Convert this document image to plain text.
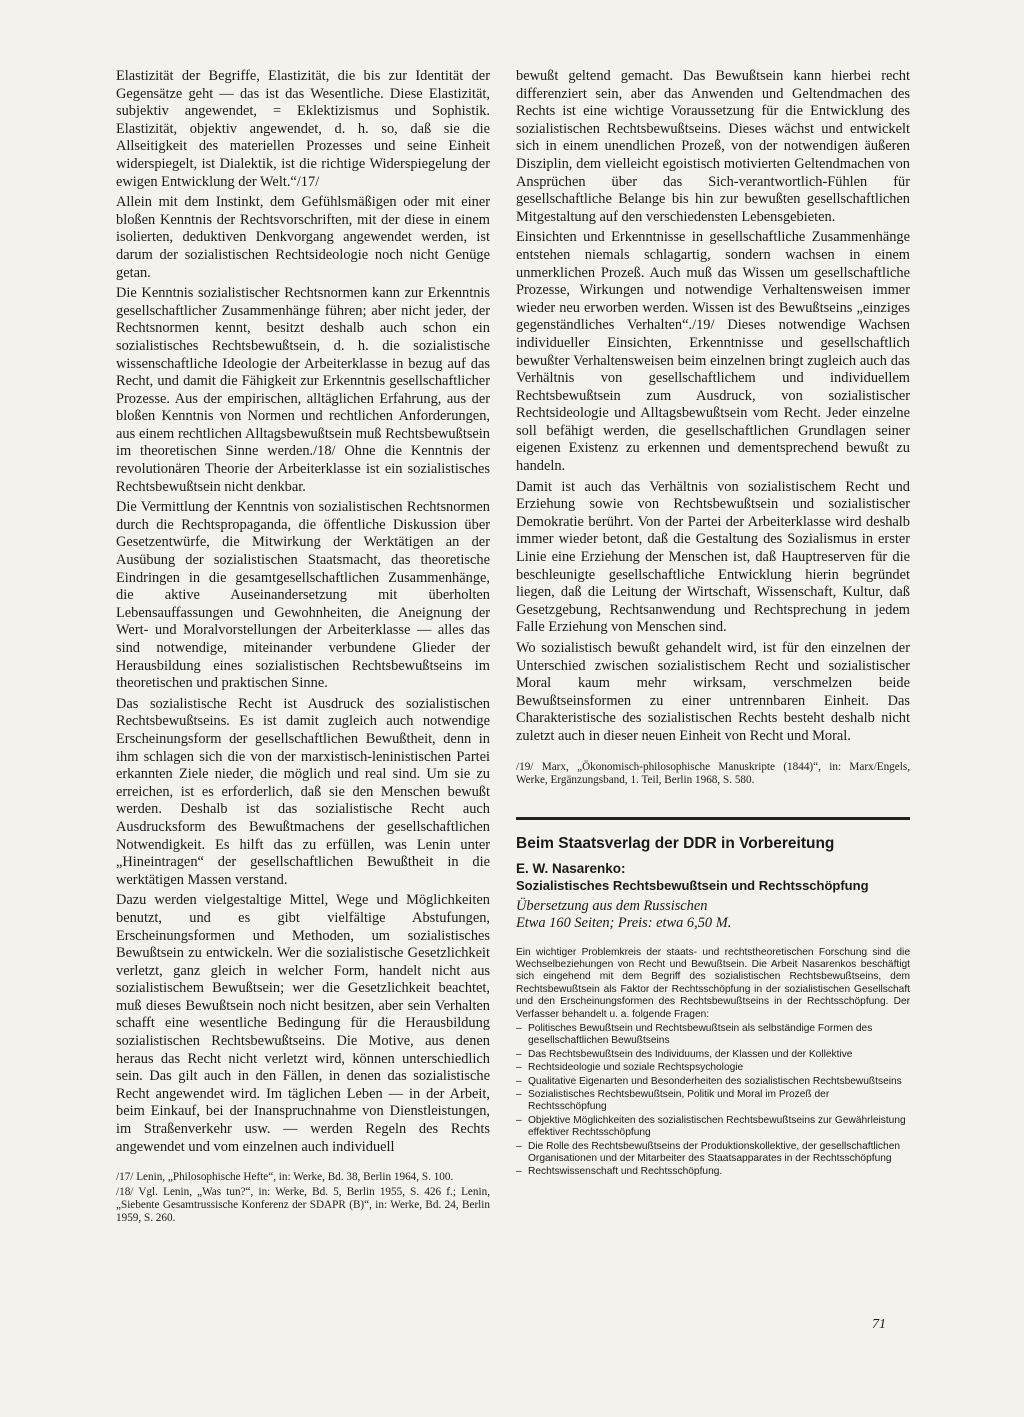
Elastizität der Begriffe, Elastizität, die bis zur Identität der Gegensätze geht — das ist das Wesentliche. Diese Elastizität, subjektiv angewendet, = Eklektizismus und Sophistik. Elastizität, objektiv angewendet, d. h. so, daß sie die Allseitigkeit des materiellen Prozesses und seine Einheit widerspiegelt, ist Dialektik, ist die richtige Widerspiegelung der ewigen Entwicklung der Welt.“/17/

Allein mit dem Instinkt, dem Gefühlsmäßigen oder mit einer bloßen Kenntnis der Rechtsvorschriften, mit der diese in einem isolierten, deduktiven Denkvorgang angewendet werden, ist darum der sozialistischen Rechtsideologie noch nicht Genüge getan.

Die Kenntnis sozialistischer Rechtsnormen kann zur Erkenntnis gesellschaftlicher Zusammenhänge führen; aber nicht jeder, der Rechtsnormen kennt, besitzt deshalb auch schon ein sozialistisches Rechtsbewußtsein, d. h. die sozialistische wissenschaftliche Ideologie der Arbeiterklasse in bezug auf das Recht, und damit die Fähigkeit zur Erkenntnis gesellschaftlicher Prozesse. Aus der empirischen, alltäglichen Erfahrung, aus der bloßen Kenntnis von Normen und rechtlichen Anforderungen, aus einem rechtlichen Alltagsbewußtsein muß Rechtsbewußtsein im theoretischen Sinne werden./18/ Ohne die Kenntnis der revolutionären Theorie der Arbeiterklasse ist ein sozialistisches Rechtsbewußtsein nicht denkbar.

Die Vermittlung der Kenntnis von sozialistischen Rechtsnormen durch die Rechtspropaganda, die öffentliche Diskussion über Gesetzentwürfe, die Mitwirkung der Werktätigen an der Ausübung der sozialistischen Staatsmacht, das theoretische Eindringen in die gesamtgesellschaftlichen Zusammenhänge, die aktive Auseinandersetzung mit überholten Lebensauffassungen und Gewohnheiten, die Aneignung der Wert- und Moralvorstellungen der Arbeiterklasse — alles das sind notwendige, miteinander verbundene Glieder der Herausbildung eines sozialistischen Rechtsbewußtseins im theoretischen und praktischen Sinne.

Das sozialistische Recht ist Ausdruck des sozialistischen Rechtsbewußtseins. Es ist damit zugleich auch notwendige Erscheinungsform der gesellschaftlichen Bewußtheit, denn in ihm schlagen sich die von der marxistisch-leninistischen Partei erkannten Ziele nieder, die möglich und real sind. Um sie zu erreichen, ist es erforderlich, daß sie den Menschen bewußt werden. Deshalb ist das sozialistische Recht auch Ausdrucksform des Bewußtmachens der gesellschaftlichen Notwendigkeit. Es hilft das zu erfüllen, was Lenin unter „Hineintragen“ der gesellschaftlichen Bewußtheit in die werktätigen Massen verstand.

Dazu werden vielgestaltige Mittel, Wege und Möglichkeiten benutzt, und es gibt vielfältige Abstufungen, Erscheinungsformen und Methoden, um sozialistisches Bewußtsein zu entwickeln. Wer die sozialistische Gesetzlichkeit verletzt, ganz gleich in welcher Form, handelt nicht aus sozialistischem Bewußtsein; wer die Gesetzlichkeit beachtet, muß dieses Bewußtsein noch nicht besitzen, aber sein Verhalten schafft eine wesentliche Bedingung für die Herausbildung sozialistischen Rechtsbewußtseins. Die Motive, aus denen heraus das Recht nicht verletzt wird, können unterschiedlich sein. Das gilt auch in den Fällen, in denen das sozialistische Recht angewendet wird. Im täglichen Leben — in der Arbeit, beim Einkauf, bei der Inanspruchnahme von Dienstleistungen, im Straßenverkehr usw. — werden Regeln des Rechts angewendet und vom einzelnen auch individuell

/17/ Lenin, „Philosophische Hefte“, in: Werke, Bd. 38, Berlin 1964, S. 100.

/18/ Vgl. Lenin, „Was tun?“, in: Werke, Bd. 5, Berlin 1955, S. 426 f.; Lenin, „Siebente Gesamtrussische Konferenz der SDAPR (B)“, in: Werke, Bd. 24, Berlin 1959, S. 260.

bewußt geltend gemacht. Das Bewußtsein kann hierbei recht differenziert sein, aber das Anwenden und Geltendmachen des Rechts ist eine wichtige Voraussetzung für die Entwicklung des sozialistischen Rechtsbewußtseins. Dieses wächst und entwickelt sich in einem unendlichen Prozeß, von der notwendigen äußeren Disziplin, dem vielleicht egoistisch motivierten Geltendmachen von Ansprüchen über das Sich-verantwortlich-Fühlen für gesellschaftliche Belange bis hin zur bewußten gesellschaftlichen Mitgestaltung auf den verschiedensten Lebensgebieten.

Einsichten und Erkenntnisse in gesellschaftliche Zusammenhänge entstehen niemals schlagartig, sondern wachsen in einem unmerklichen Prozeß. Auch muß das Wissen um gesellschaftliche Prozesse, Wirkungen und notwendige Verhaltensweisen immer wieder neu erworben werden. Wissen ist des Bewußtseins „einziges gegenständliches Verhalten“./19/ Dieses notwendige Wachsen individueller Einsichten, Erkenntnisse und gesellschaftlich bewußter Verhaltensweisen beim einzelnen bringt zugleich auch das Verhältnis von gesellschaftlichem und individuellem Rechtsbewußtsein zum Ausdruck, von sozialistischer Rechtsideologie und Alltagsbewußtsein vom Recht. Jeder einzelne soll befähigt werden, die gesellschaftlichen Grundlagen seiner eigenen Existenz zu erkennen und dementsprechend bewußt zu handeln.

Damit ist auch das Verhältnis von sozialistischem Recht und Erziehung sowie von Rechtsbewußtsein und sozialistischer Demokratie berührt. Von der Partei der Arbeiterklasse wird deshalb immer wieder betont, daß die Gestaltung des Sozialismus in erster Linie eine Erziehung der Menschen ist, daß Hauptreserven für die beschleunigte gesellschaftliche Entwicklung hierin begründet liegen, daß die Leitung der Wirtschaft, Wissenschaft, Kultur, daß Gesetzgebung, Rechtsanwendung und Rechtsprechung in jedem Falle Erziehung von Menschen sind.

Wo sozialistisch bewußt gehandelt wird, ist für den einzelnen der Unterschied zwischen sozialistischem Recht und sozialistischer Moral kaum mehr wirksam, verschmelzen beide Bewußtseinsformen zu einer untrennbaren Einheit. Das Charakteristische des sozialistischen Rechts besteht deshalb nicht zuletzt auch in dieser neuen Einheit von Recht und Moral.

/19/ Marx, „Ökonomisch-philosophische Manuskripte (1844)“, in: Marx/Engels, Werke, Ergänzungsband, 1. Teil, Berlin 1968, S. 580.

Beim Staatsverlag der DDR in Vorbereitung

E. W. Nasarenko:

Sozialistisches Rechtsbewußtsein und Rechtsschöpfung

Übersetzung aus dem Russischen

Etwa 160 Seiten; Preis: etwa 6,50 M.

Ein wichtiger Problemkreis der staats- und rechtstheoretischen Forschung sind die Wechselbeziehungen von Recht und Bewußtsein. Die Arbeit Nasarenkos beschäftigt sich eingehend mit dem Begriff des sozialistischen Rechtsbewußtseins, dem Rechtsbewußtsein als Faktor der Rechtsschöpfung in der sozialistischen Gesellschaft und den Erscheinungsformen des Rechtsbewußtseins in der Rechtsschöpfung. Der Verfasser behandelt u. a. folgende Fragen:

– Politisches Bewußtsein und Rechtsbewußtsein als selbständige Formen des gesellschaftlichen Bewußtseins
– Das Rechtsbewußtsein des Individuums, der Klassen und der Kollektive
– Rechtsideologie und soziale Rechtspsychologie
– Qualitative Eigenarten und Besonderheiten des sozialistischen Rechtsbewußtseins
– Sozialistisches Rechtsbewußtsein, Politik und Moral im Prozeß der Rechtsschöpfung
– Objektive Möglichkeiten des sozialistischen Rechtsbewußtseins zur Gewährleistung effektiver Rechtsschöpfung
– Die Rolle des Rechtsbewußtseins der Produktionskollektive, der gesellschaftlichen Organisationen und der Mitarbeiter des Staatsapparates in der Rechtsschöpfung
– Rechtswissenschaft und Rechtsschöpfung.
71
